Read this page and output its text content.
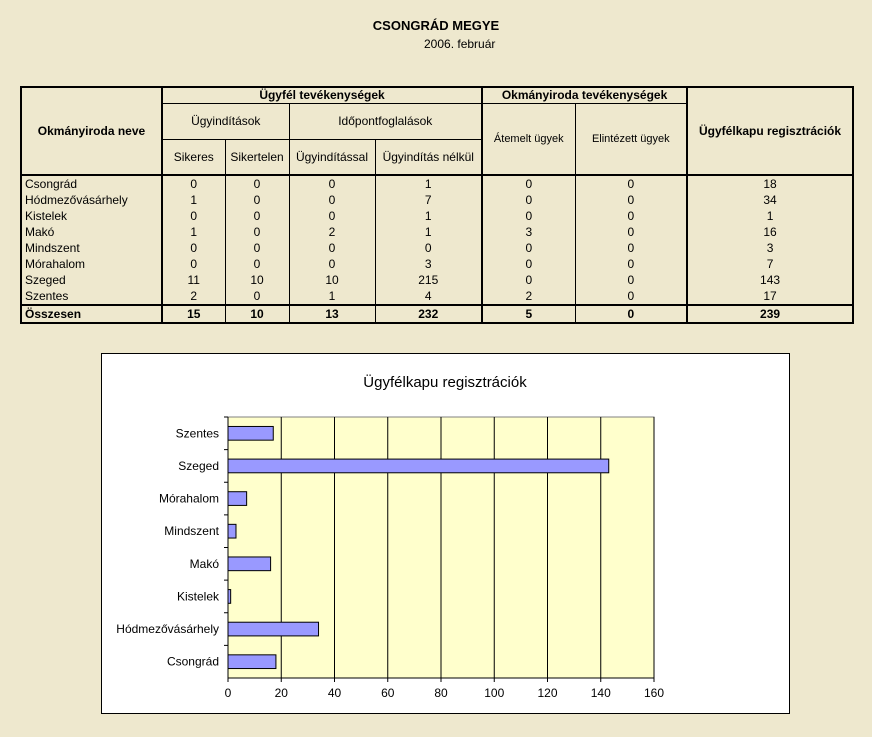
CSONGRÁD MEGYE
2006. február
Okmányiroda neve	Ügyfél tevékenységek				Okmányiroda tevékenységek		Ügyfélkapu regisztrációk
	Ügyindítások		Időpontfoglalások		Átemelt ügyek	Elintézett ügyek	
	Sikeres	Sikertelen	Ügyindítással	Ügyindítás nélkül			
Csongrád	0	0	0	1	0	0	18
Hódmezővásárhely	1	0	0	7	0	0	34
Kistelek	0	0	0	1	0	0	1
Makó	1	0	2	1	3	0	16
Mindszent	0	0	0	0	0	0	3
Mórahalom	0	0	0	3	0	0	7
Szeged	11	10	10	215	0	0	143
Szentes	2	0	1	4	2	0	17
Összesen	15	10	13	232	5	0	239
Ügyfélkapu regisztrációk
0	20	40	60	80	100	120	140	160
Szentes
Szeged
Mórahalom
Mindszent
Makó
Kistelek
Hódmezővásárhely
Csongrád
